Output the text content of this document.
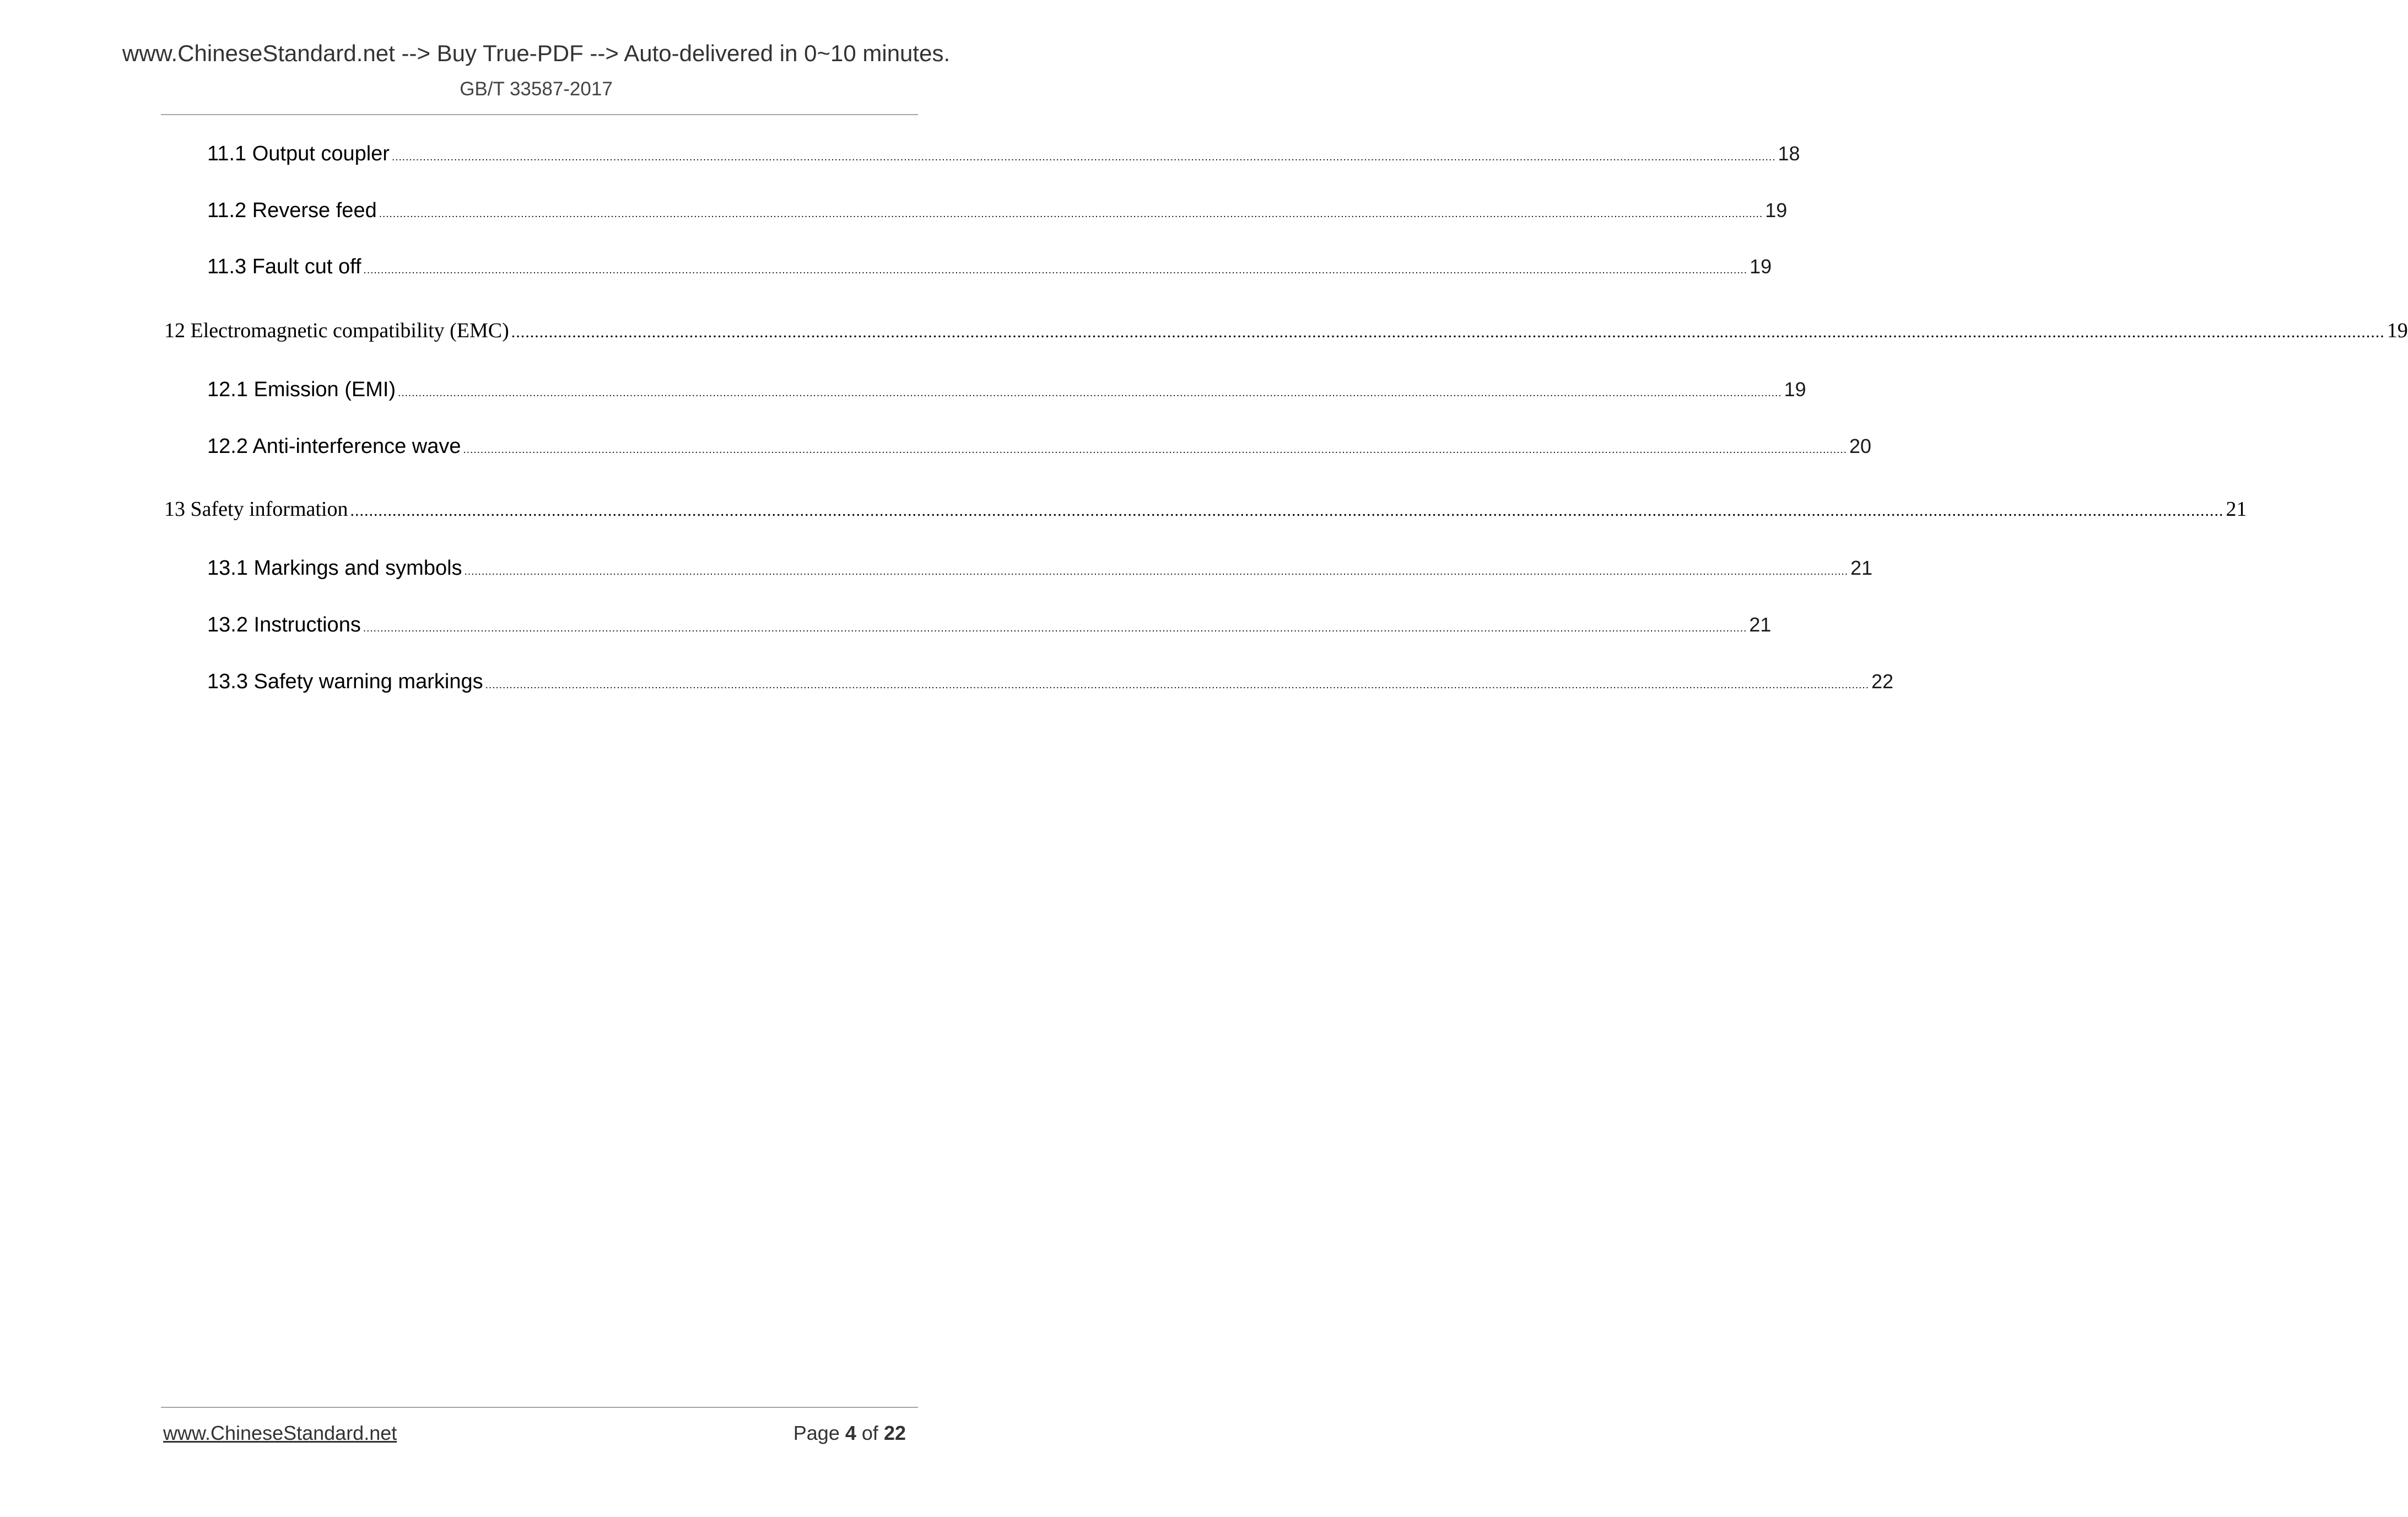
www.ChineseStandard.net --> Buy True-PDF --> Auto-delivered in 0~10 minutes.
GB/T 33587-2017
11.1 Output coupler ................................................................................................................................................................................................................................................................................................................................................................................................................ 18
11.2 Reverse feed ................................................................................................................................................................................................................................................................................................................................................................................................................ 19
11.3 Fault cut off ................................................................................................................................................................................................................................................................................................................................................................................................................ 19
12 Electromagnetic compatibility (EMC) ................................................................................................................................................................................................................................................................................................................................................................................................................ 19
12.1 Emission (EMI) ................................................................................................................................................................................................................................................................................................................................................................................................................ 19
12.2 Anti-interference wave ................................................................................................................................................................................................................................................................................................................................................................................................................ 20
13 Safety information ................................................................................................................................................................................................................................................................................................................................................................................................................ 21
13.1 Markings and symbols ................................................................................................................................................................................................................................................................................................................................................................................................................ 21
13.2 Instructions ................................................................................................................................................................................................................................................................................................................................................................................................................ 21
13.3 Safety warning markings ................................................................................................................................................................................................................................................................................................................................................................................................................ 22
www.ChineseStandard.net	Page 4 of 22
